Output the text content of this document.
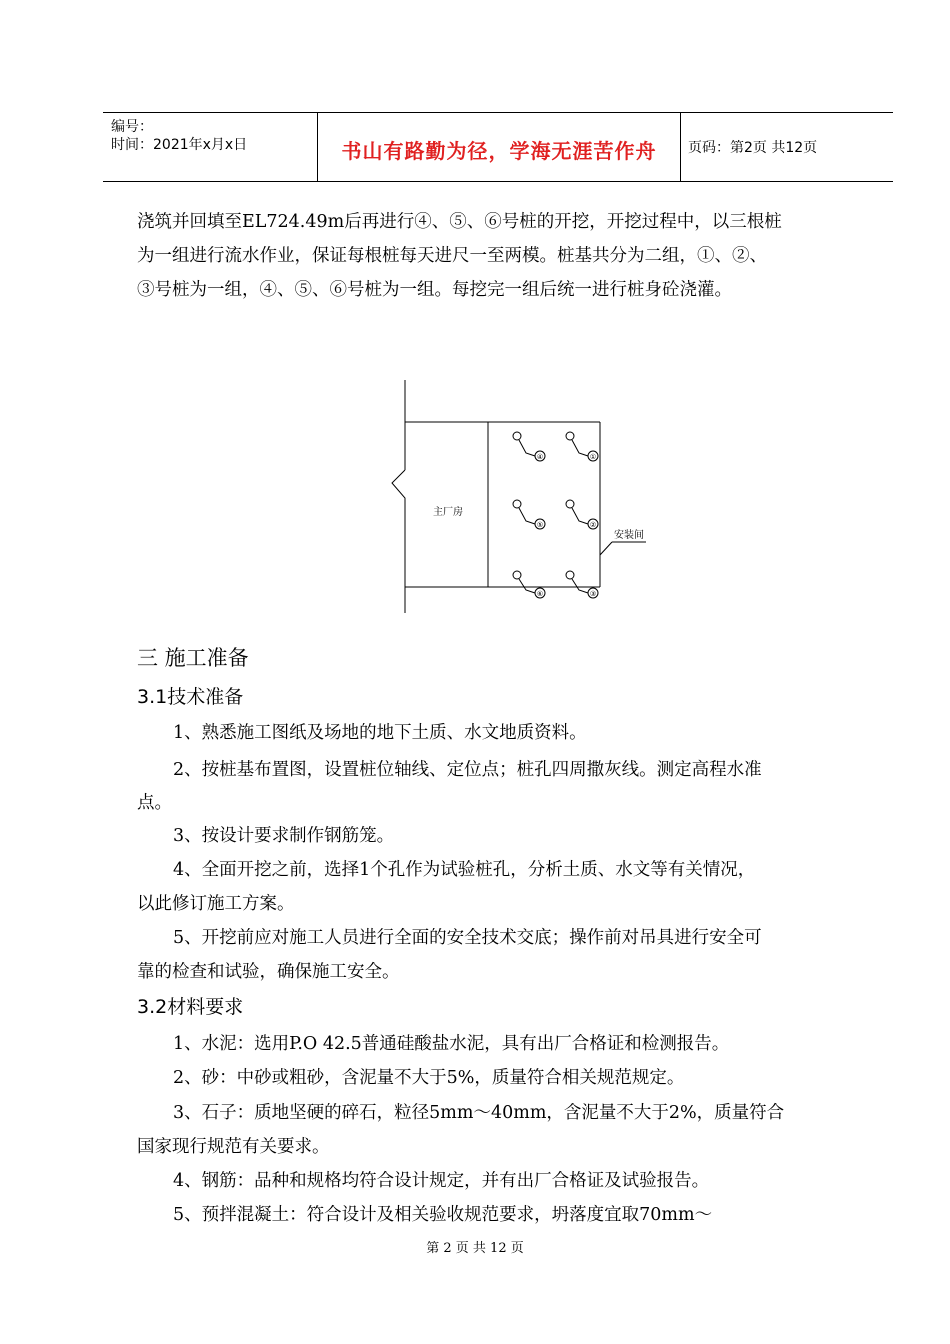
编号：
时间：2021年x月x日	书山有路勤为径，学海无涯苦作舟	页码：第2页 共12页
浇筑并回填至EL724.49m后再进行④、⑤、⑥号桩的开挖，开挖过程中，以三根桩
为一组进行流水作业，保证每根桩每天进尺一至两模。桩基共分为二组，①、②、
③号桩为一组，④、⑤、⑥号桩为一组。每挖完一组后统一进行桩身砼浇灌。
主厂房
安装间
④	①
⑤	②
⑥	③
三 施工准备
3.1技术准备
1、熟悉施工图纸及场地的地下土质、水文地质资料。
2、按桩基布置图，设置桩位轴线、定位点；桩孔四周撒灰线。测定高程水准
点。
3、按设计要求制作钢筋笼。
4、全面开挖之前，选择1个孔作为试验桩孔，分析土质、水文等有关情况，
以此修订施工方案。
5、开挖前应对施工人员进行全面的安全技术交底；操作前对吊具进行安全可
靠的检查和试验，确保施工安全。
3.2材料要求
1、水泥：选用P.O 42.5普通硅酸盐水泥，具有出厂合格证和检测报告。
2、砂：中砂或粗砂，含泥量不大于5%，质量符合相关规范规定。
3、石子：质地坚硬的碎石，粒径5mm～40mm，含泥量不大于2%，质量符合
国家现行规范有关要求。
4、钢筋：品种和规格均符合设计规定，并有出厂合格证及试验报告。
5、预拌混凝土：符合设计及相关验收规范要求，坍落度宜取70mm～
第 2 页 共 12 页
